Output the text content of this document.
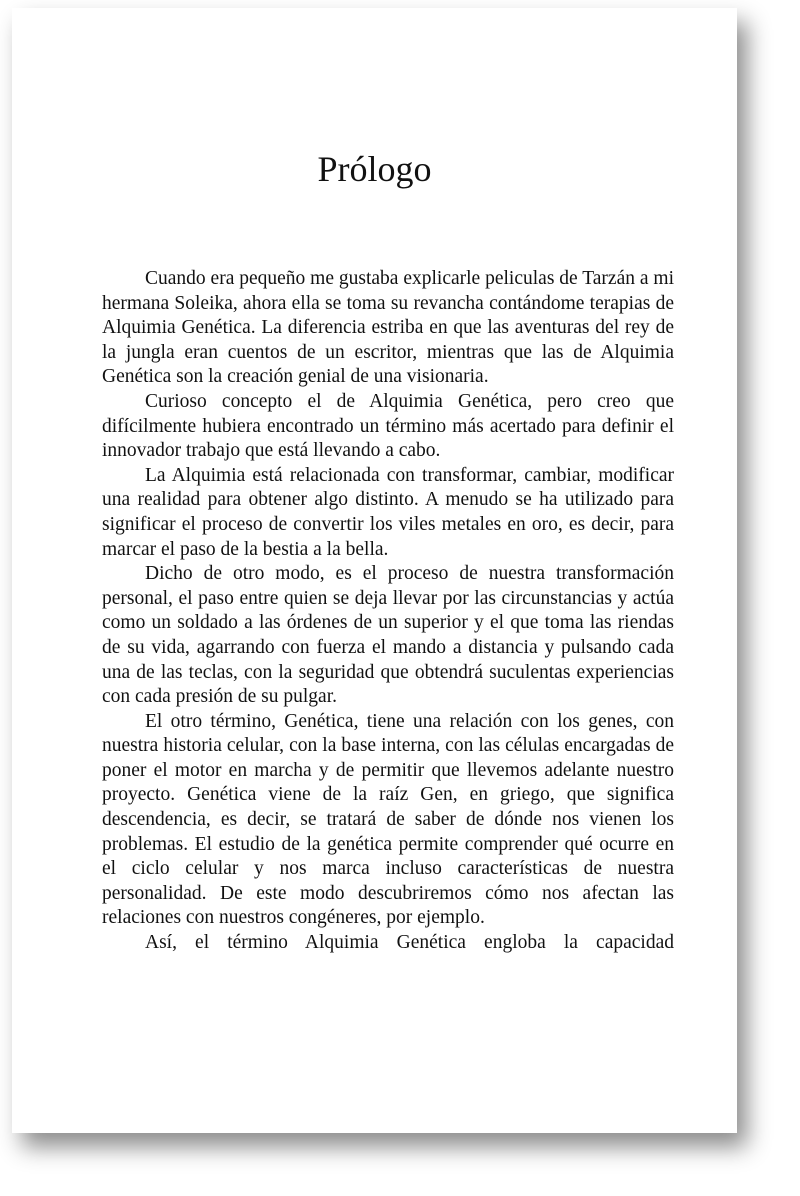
Prólogo

Cuando era pequeño me gustaba explicarle peliculas de Tarzán a mi hermana Soleika, ahora ella se toma su revancha contándome terapias de Alquimia Genética. La diferencia estriba en que las aventuras del rey de la jungla eran cuentos de un escritor, mientras que las de Alquimia Genética son la creación genial de una visionaria.

Curioso concepto el de Alquimia Genética, pero creo que difícilmente hubiera encontrado un término más acertado para definir el innovador trabajo que está llevando a cabo.

La Alquimia está relacionada con transformar, cambiar, modificar una realidad para obtener algo distinto. A menudo se ha utilizado para significar el proceso de convertir los viles metales en oro, es decir, para marcar el paso de la bestia a la bella.

Dicho de otro modo, es el proceso de nuestra transformación personal, el paso entre quien se deja llevar por las circunstancias y actúa como un soldado a las órdenes de un superior y el que toma las riendas de su vida, agarrando con fuerza el mando a distancia y pulsando cada una de las teclas, con la seguridad que obtendrá suculentas experiencias con cada presión de su pulgar.

El otro término, Genética, tiene una relación con los genes, con nuestra historia celular, con la base interna, con las células encargadas de poner el motor en marcha y de permitir que llevemos adelante nuestro proyecto. Genética viene de la raíz Gen, en griego, que significa descendencia, es decir, se tratará de saber de dónde nos vienen los problemas. El estudio de la genética permite comprender qué ocurre en el ciclo celular y nos marca incluso características de nuestra personalidad. De este modo descubriremos cómo nos afectan las relaciones con nuestros congéneres, por ejemplo.

Así, el término Alquimia Genética engloba la capacidad
